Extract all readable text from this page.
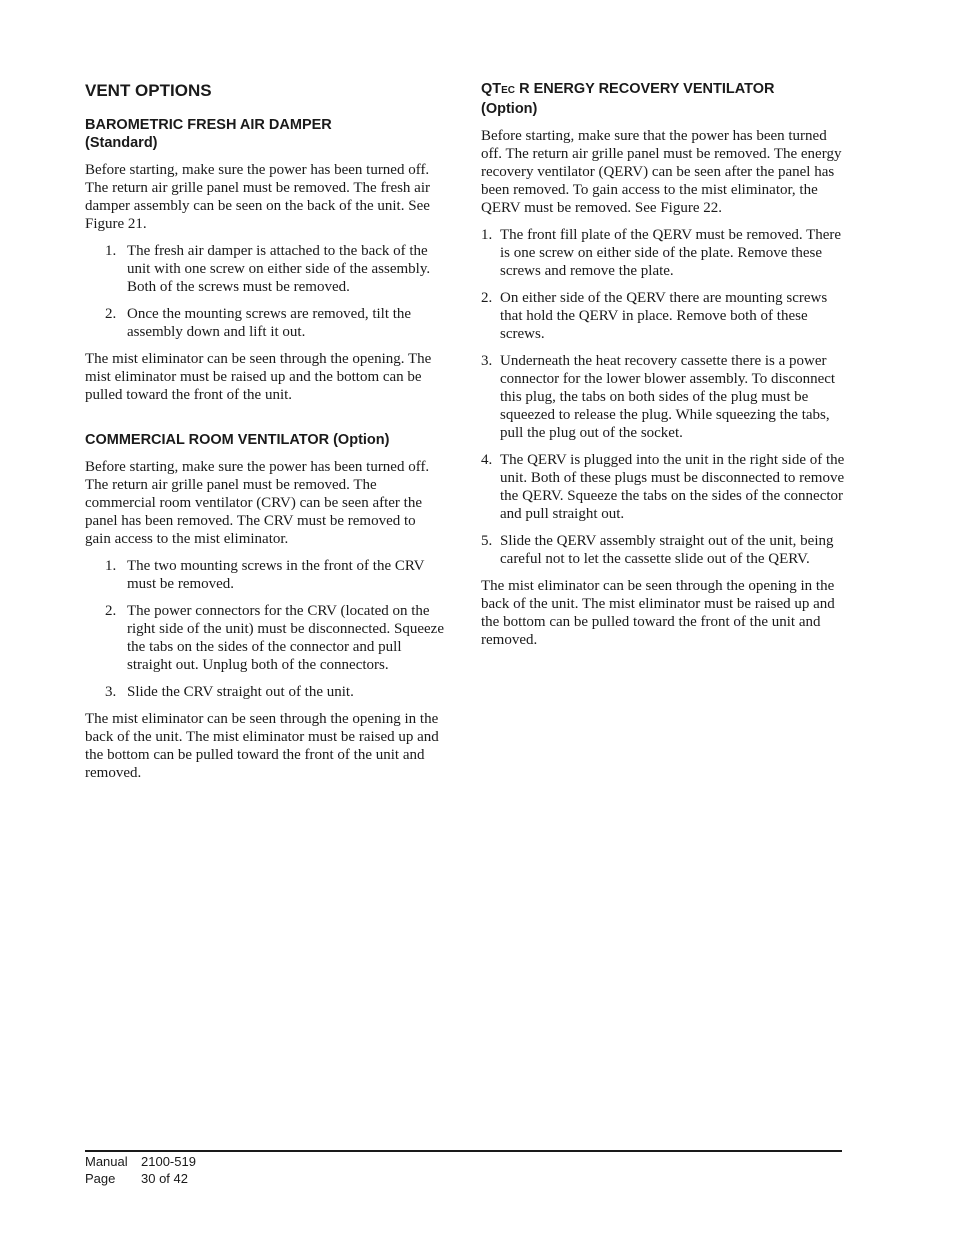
VENT OPTIONS
BAROMETRIC FRESH AIR DAMPER
(Standard)
Before starting, make sure the power has been turned off. The return air grille panel must be removed. The fresh air damper assembly can be seen on the back of the unit. See Figure 21.
1. The fresh air damper is attached to the back of the unit with one screw on either side of the assembly. Both of the screws must be removed.
2. Once the mounting screws are removed, tilt the assembly down and lift it out.
The mist eliminator can be seen through the opening. The mist eliminator must be raised up and the bottom can be pulled toward the front of the unit.
COMMERCIAL ROOM VENTILATOR (Option)
Before starting, make sure the power has been turned off. The return air grille panel must be removed. The commercial room ventilator (CRV) can be seen after the panel has been removed. The CRV must be removed to gain access to the mist eliminator.
1. The two mounting screws in the front of the CRV must be removed.
2. The power connectors for the CRV (located on the right side of the unit) must be disconnected. Squeeze the tabs on the sides of the connector and pull straight out. Unplug both of the connectors.
3. Slide the CRV straight out of the unit.
The mist eliminator can be seen through the opening in the back of the unit. The mist eliminator must be raised up and the bottom can be pulled toward the front of the unit and removed.
QTEC R ENERGY RECOVERY VENTILATOR
(Option)
Before starting, make sure that the power has been turned off. The return air grille panel must be removed. The energy recovery ventilator (QERV) can be seen after the panel has been removed. To gain access to the mist eliminator, the QERV must be removed. See Figure 22.
1. The front fill plate of the QERV must be removed. There is one screw on either side of the plate. Remove these screws and remove the plate.
2. On either side of the QERV there are mounting screws that hold the QERV in place. Remove both of these screws.
3. Underneath the heat recovery cassette there is a power connector for the lower blower assembly. To disconnect this plug, the tabs on both sides of the plug must be squeezed to release the plug. While squeezing the tabs, pull the plug out of the socket.
4. The QERV is plugged into the unit in the right side of the unit. Both of these plugs must be disconnected to remove the QERV. Squeeze the tabs on the sides of the connector and pull straight out.
5. Slide the QERV assembly straight out of the unit, being careful not to let the cassette slide out of the QERV.
The mist eliminator can be seen through the opening in the back of the unit. The mist eliminator must be raised up and the bottom can be pulled toward the front of the unit and removed.
Manual 2100-519
Page 30 of 42
